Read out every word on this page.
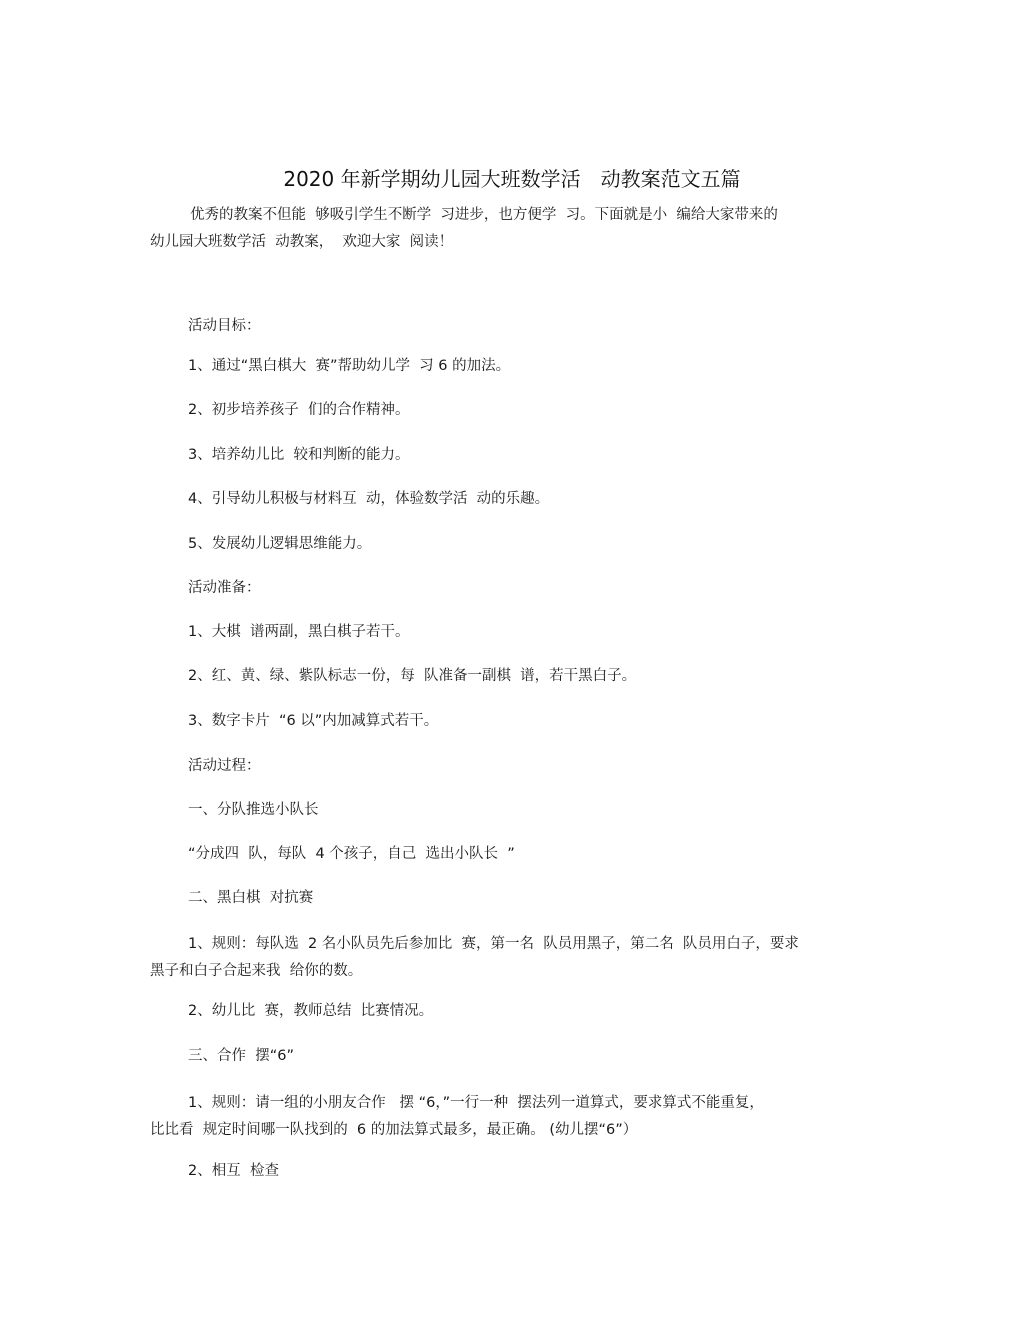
2020 年新学期幼儿园大班数学活　动教案范文五篇
优秀的教案不但能  够吸引学生不断学  习进步，也方便学  习。下面就是小  编给大家带来的
幼儿园大班数学活  动教案，  欢迎大家  阅读！
活动目标：
1、通过“黑白棋大  赛”帮助幼儿学  习 6 的加法。
2、初步培养孩子  们的合作精神。
3、培养幼儿比  较和判断的能力。
4、引导幼儿积极与材料互  动，体验数学活  动的乐趣。
5、发展幼儿逻辑思维能力。
活动准备：
1、大棋  谱两副，黑白棋子若干。
2、红、黄、绿、紫队标志一份，每  队准备一副棋  谱，若干黑白子。
3、数字卡片  “6 以”内加减算式若干。
活动过程：
一、分队推选小队长
“分成四  队，每队  4 个孩子，自己  选出小队长  ”
二、黑白棋  对抗赛
1、规则：每队选  2 名小队员先后参加比  赛，第一名  队员用黑子，第二名  队员用白子，要求
黑子和白子合起来我  给你的数。
2、幼儿比  赛，教师总结  比赛情况。
三、合作  摆“6”
1、规则：请一组的小朋友合作   摆 “6，”一行一种  摆法列一道算式，要求算式不能重复，
比比看  规定时间哪一队找到的  6 的加法算式最多，最正确。 (幼儿摆“6”）
2、相互  检查
